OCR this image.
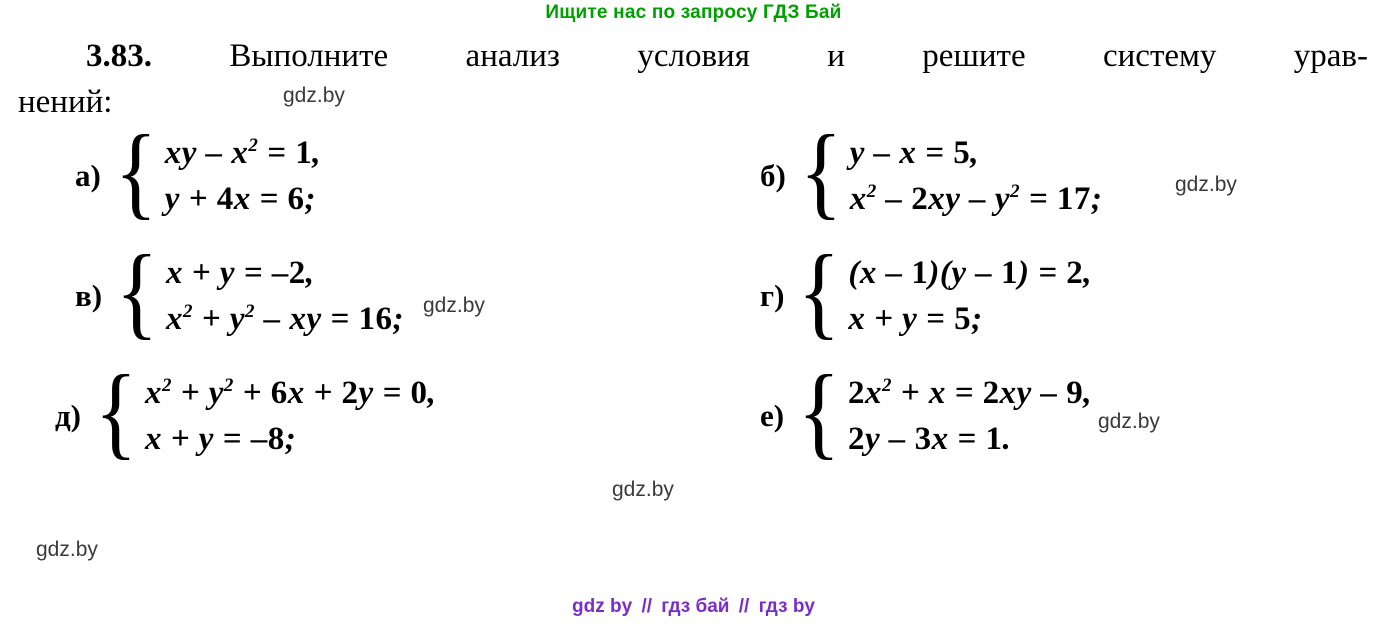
Ищите нас по запросу ГДЗ Бай
3.83. Выполните анализ условия и решите систему урав-
нений:
а) { xy – $x^2 = 1$,
y + 4x = 6;
б) { y – x = 5,
$x^2 - 2xy - y^2 = 17$;
в) { x + y = –2,
$x^2 + y^2$ – xy = 16;
г) { (x – 1)(y – 1) = 2,
x + y = 5;
д) { $x^2 + y^2 + 6x + 2y = 0$,
x + y = –8;
е) { $2x^2 + x = 2xy - 9$,
2y – 3x = 1.
gdz.by
gdz.by
gdz.by
gdz.by
gdz.by
gdz.by
gdz by // гдз бай // гдз by
